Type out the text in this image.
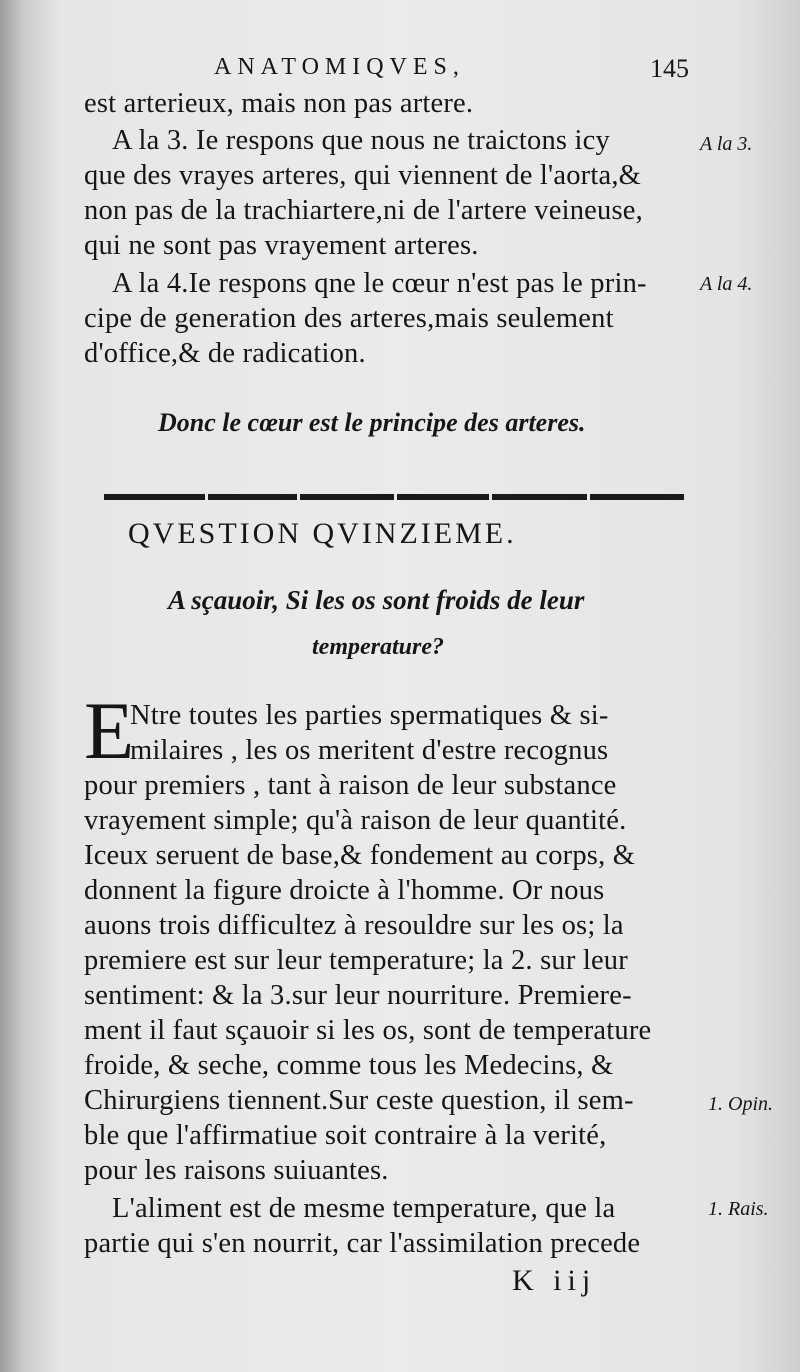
ANATOMIQVES,	145
est arterieux, mais non pas artere.
A la 3. Ie respons que nous ne traictons icy
que des vrayes arteres, qui viennent de l'aorta,&
non pas de la trachiartere,ni de l'artere veineuse,
qui ne sont pas vrayement arteres.
A la 4.Ie respons qne le cœur n'est pas le prin-
cipe de generation des arteres,mais seulement
d'office,& de radication.
A la 3.
A la 4.
Donc le cœur est le principe des arteres.
QVESTION QVINZIEME.
A sçauoir, Si les os sont froids de leur
temperature?
E
Ntre toutes les parties spermatiques & si-
milaires , les os meritent d'estre recognus
pour premiers , tant à raison de leur substance
vrayement simple; qu'à raison de leur quantité.
Iceux seruent de base,& fondement au corps, &
donnent la figure droicte à l'homme. Or nous
auons trois difficultez à resouldre sur les os; la
premiere est sur leur temperature; la 2. sur leur
sentiment: & la 3.sur leur nourriture. Premiere-
ment il faut sçauoir si les os, sont de temperature
froide, & seche, comme tous les Medecins, &
Chirurgiens tiennent.Sur ceste question, il sem-
ble que l'affirmatiue soit contraire à la verité,
pour les raisons suiuantes.
L'aliment est de mesme temperature, que la
partie qui s'en nourrit, car l'assimilation precede
1. Opin.
1. Rais.
K iij
